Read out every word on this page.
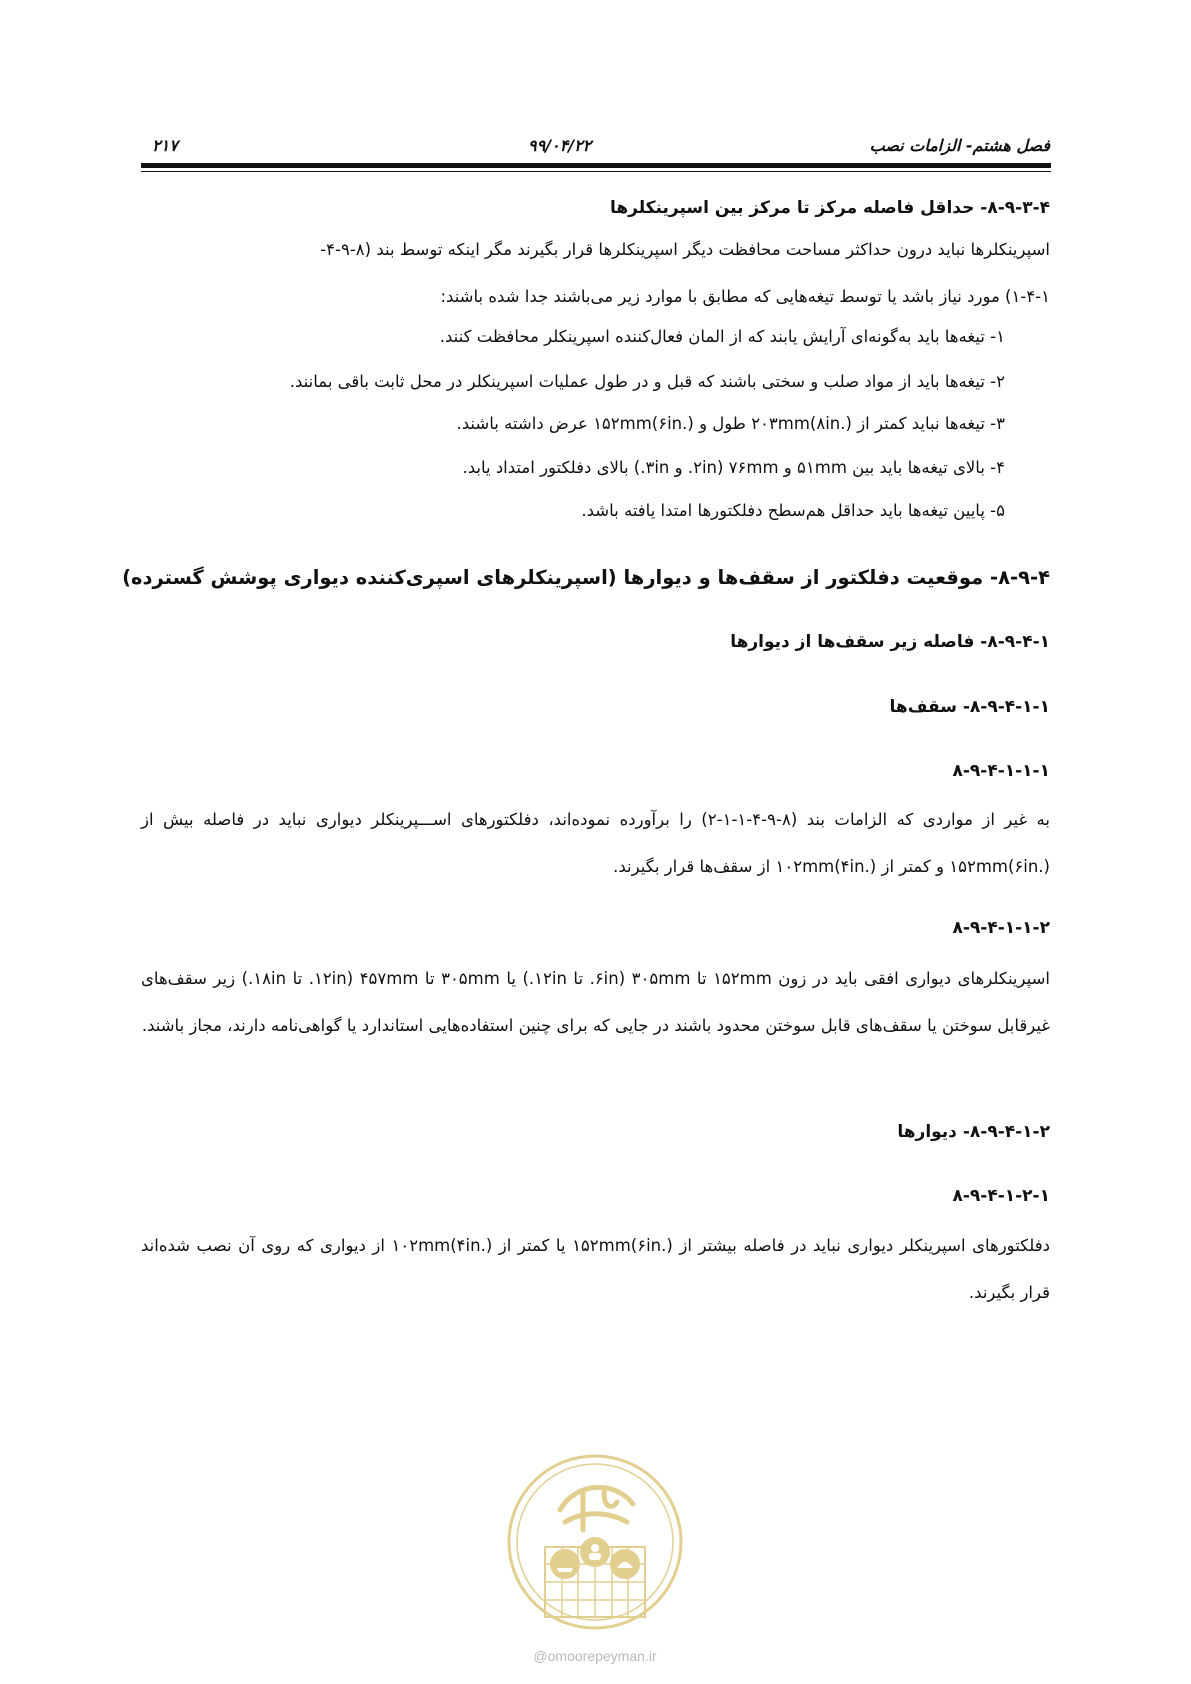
فصل هشتم- الزامات نصب
۹۹/۰۴/۲۲
۲۱۷
۸-۹-۳-۴- حداقل فاصله مرکز تا مرکز بین اسپرینکلرها
اسپرینکلرها نباید درون حداکثر مساحت محافظت دیگر اسپرینکلرها قرار بگیرند مگر اینکه توسط بند (۸-۹-۴-
۱-۴-۱) مورد نیاز باشد یا توسط تیغه‌هایی که مطابق با موارد زیر می‌باشند جدا شده باشند:
۱- تیغه‌ها باید به‌گونه‌ای آرایش یابند که از المان فعال‌کننده اسپرینکلر محافظت کنند.
۲- تیغه‌ها باید از مواد صلب و سختی باشند که قبل و در طول عملیات اسپرینکلر در محل ثابت باقی بمانند.
۳- تیغه‌ها نباید کمتر از ۲۰۳mm(۸in.) طول و ۱۵۲mm(۶in.) عرض داشته باشند.
۴- بالای تیغه‌ها باید بین ۵۱mm و ۷۶mm (۲in. و ۳in.) بالای دفلکتور امتداد یابد.
۵- پایین تیغه‌ها باید حداقل هم‌سطح دفلکتورها امتدا یافته باشد.
۸-۹-۴- موقعیت دفلکتور از سقف‌ها و دیوارها (اسپرینکلرهای اسپری‌کننده دیواری پوشش گسترده)
۸-۹-۴-۱- فاصله زیر سقف‌ها از دیوارها
۸-۹-۴-۱-۱- سقف‌ها
۸-۹-۴-۱-۱-۱
به غیر از مواردی که الزامات بند (۸-۹-۴-۱-۱-۲) را برآورده نموده‌اند، دفلکتورهای اســـپرینکلر دیواری نباید در فاصله بیش از ۱۵۲mm(۶in.) و کمتر از ۱۰۲mm(۴in.) از سقف‌ها قرار بگیرند.
۸-۹-۴-۱-۱-۲
اسپرینکلرهای دیواری افقی باید در زون ۱۵۲mm تا ۳۰۵mm (۶in. تا ۱۲in.) یا ۳۰۵mm تا ۴۵۷mm (۱۲in. تا ۱۸in.) زیر سقف‌های غیرقابل سوختن یا سقف‌های قابل سوختن محدود باشند در جایی که برای چنین استفاده‌هایی استاندارد یا گواهی‌نامه دارند، مجاز باشند.
۸-۹-۴-۱-۲- دیوارها
۸-۹-۴-۱-۲-۱
دفلکتورهای اسپرینکلر دیواری نباید در فاصله بیشتر از ۱۵۲mm(۶in.) یا کمتر از ۱۰۲mm(۴in.) از دیواری که روی آن نصب شده‌اند قرار بگیرند.
@omoorepeyman.ir
